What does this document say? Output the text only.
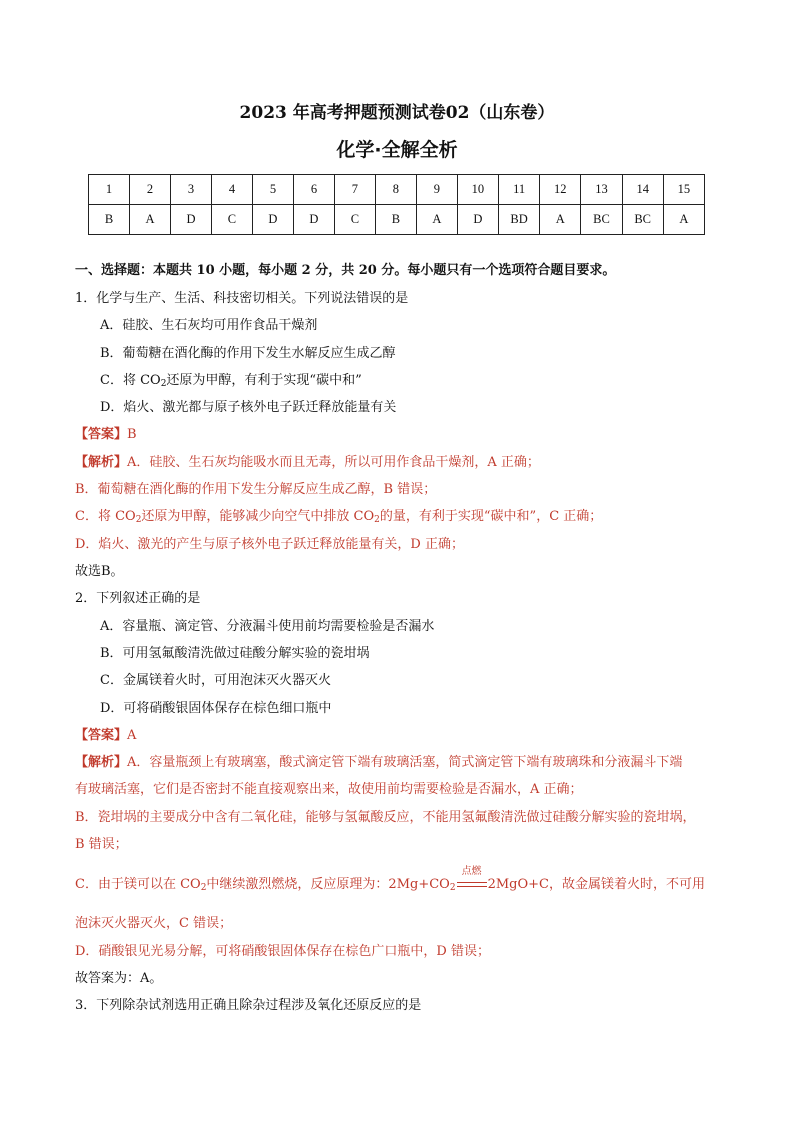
2023 年高考押题预测试卷02（山东卷）
化学·全解全析
1	2	3	4	5	6	7	8	9	10	11	12	13	14	15
B	A	D	C	D	D	C	B	A	D	BD	A	BC	BC	A
一、选择题：本题共 10 小题，每小题 2 分，共 20 分。每小题只有一个选项符合题目要求。
1．化学与生产、生活、科技密切相关。下列说法错误的是
A．硅胶、生石灰均可用作食品干燥剂
B．葡萄糖在酒化酶的作用下发生水解反应生成乙醇
C．将 $CO_2$还原为甲醇，有利于实现“碳中和”
D．焰火、激光都与原子核外电子跃迁释放能量有关
【答案】B
【解析】A．硅胶、生石灰均能吸水而且无毒，所以可用作食品干燥剂，A 正确；
B．葡萄糖在酒化酶的作用下发生分解反应生成乙醇，B 错误；
C．将 $CO_2$还原为甲醇，能够减少向空气中排放 $CO_2$的量，有利于实现“碳中和”，C 正确；
D．焰火、激光的产生与原子核外电子跃迁释放能量有关，D 正确；
故选B。
2．下列叙述正确的是
A．容量瓶、滴定管、分液漏斗使用前均需要检验是否漏水
B．可用氢氟酸清洗做过硅酸分解实验的瓷坩埚
C．金属镁着火时，可用泡沫灭火器灭火
D．可将硝酸银固体保存在棕色细口瓶中
【答案】A
【解析】A．容量瓶颈上有玻璃塞，酸式滴定管下端有玻璃活塞，简式滴定管下端有玻璃珠和分液漏斗下端
有玻璃活塞，它们是否密封不能直接观察出来，故使用前均需要检验是否漏水，A 正确；
B．瓷坩埚的主要成分中含有二氧化硅，能够与氢氟酸反应，不能用氢氟酸清洗做过硅酸分解实验的瓷坩埚，
B 错误；
C．由于镁可以在 $CO_2$中继续激烈燃烧，反应原理为：$2Mg+CO_2$
点燃
2MgO+C，故金属镁着火时，不可用
泡沫灭火器灭火，C 错误；
D．硝酸银见光易分解，可将硝酸银固体保存在棕色广口瓶中，D 错误；
故答案为：A。
3．下列除杂试剂选用正确且除杂过程涉及氧化还原反应的是
